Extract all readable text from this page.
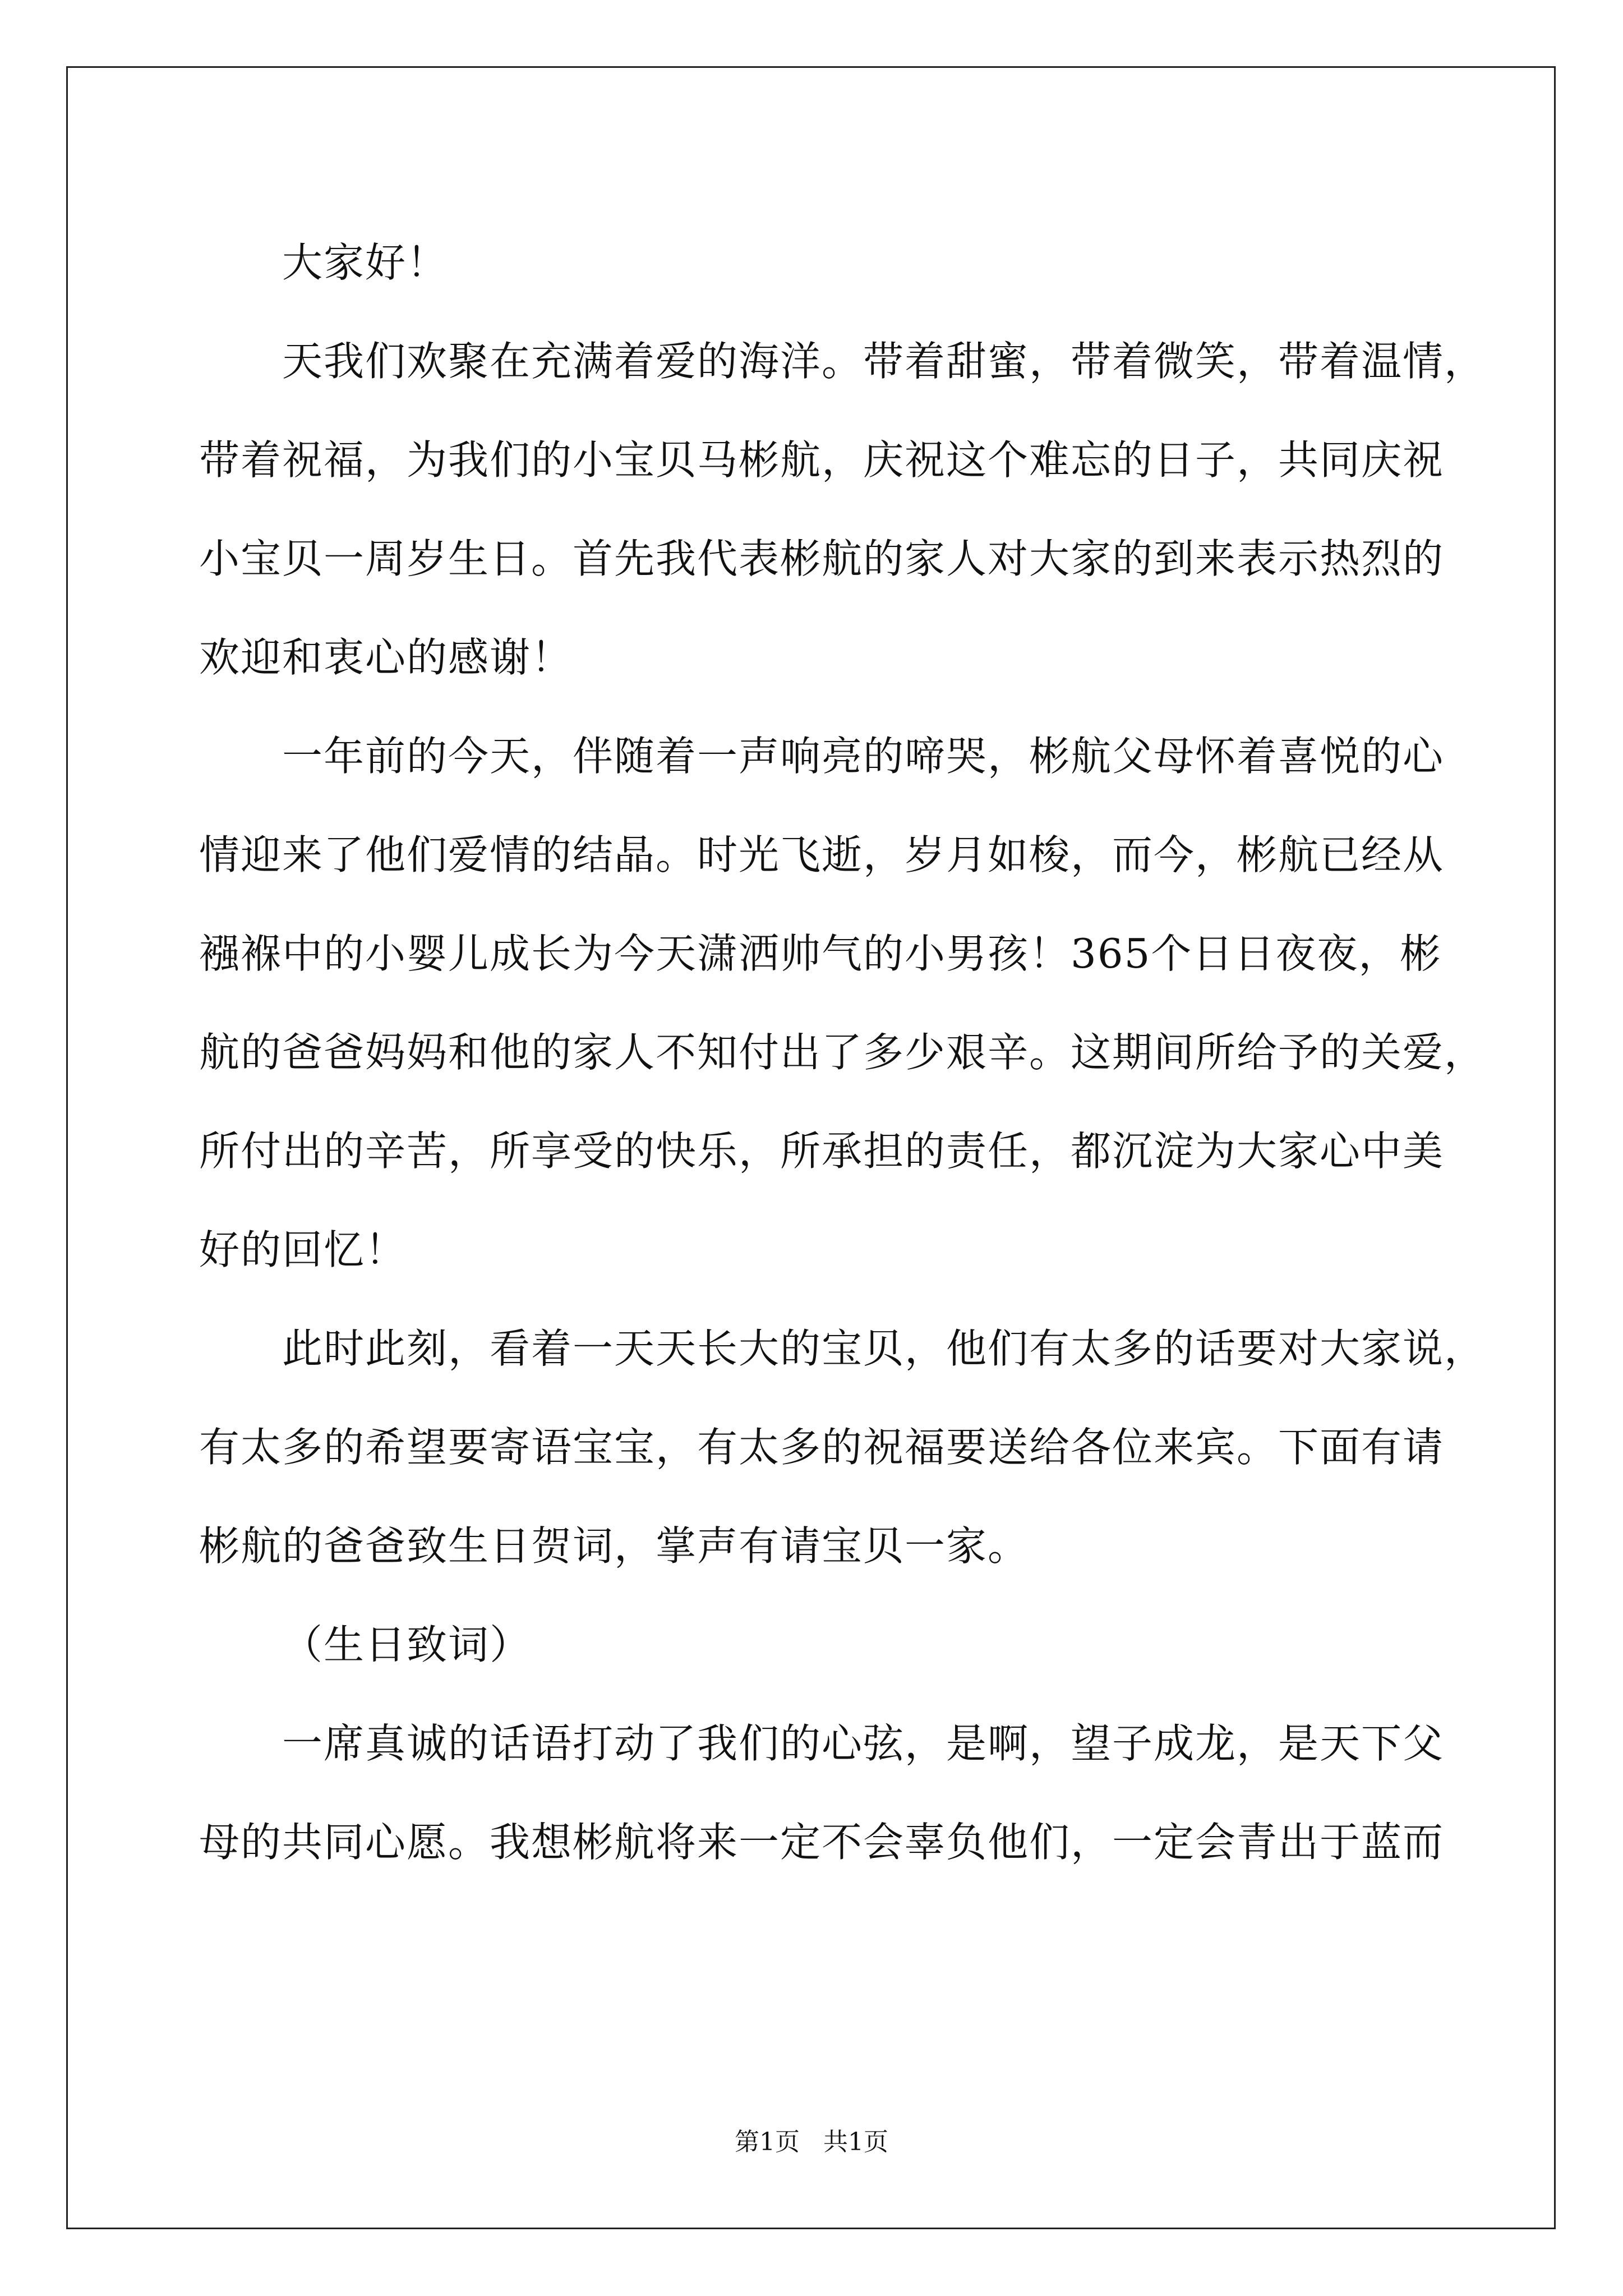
大家好！
天我们欢聚在充满着爱的海洋。带着甜蜜，带着微笑，带着温情，
带着祝福，为我们的小宝贝马彬航，庆祝这个难忘的日子，共同庆祝
小宝贝一周岁生日。首先我代表彬航的家人对大家的到来表示热烈的
欢迎和衷心的感谢！
一年前的今天，伴随着一声响亮的啼哭，彬航父母怀着喜悦的心
情迎来了他们爱情的结晶。时光飞逝，岁月如梭，而今，彬航已经从
襁褓中的小婴儿成长为今天潇洒帅气的小男孩！365个日日夜夜，彬
航的爸爸妈妈和他的家人不知付出了多少艰辛。这期间所给予的关爱，
所付出的辛苦，所享受的快乐，所承担的责任，都沉淀为大家心中美
好的回忆！
此时此刻，看着一天天长大的宝贝，他们有太多的话要对大家说，
有太多的希望要寄语宝宝，有太多的祝福要送给各位来宾。下面有请
彬航的爸爸致生日贺词，掌声有请宝贝一家。
（生日致词）
一席真诚的话语打动了我们的心弦，是啊，望子成龙，是天下父
母的共同心愿。我想彬航将来一定不会辜负他们，一定会青出于蓝而
第1页   共1页
